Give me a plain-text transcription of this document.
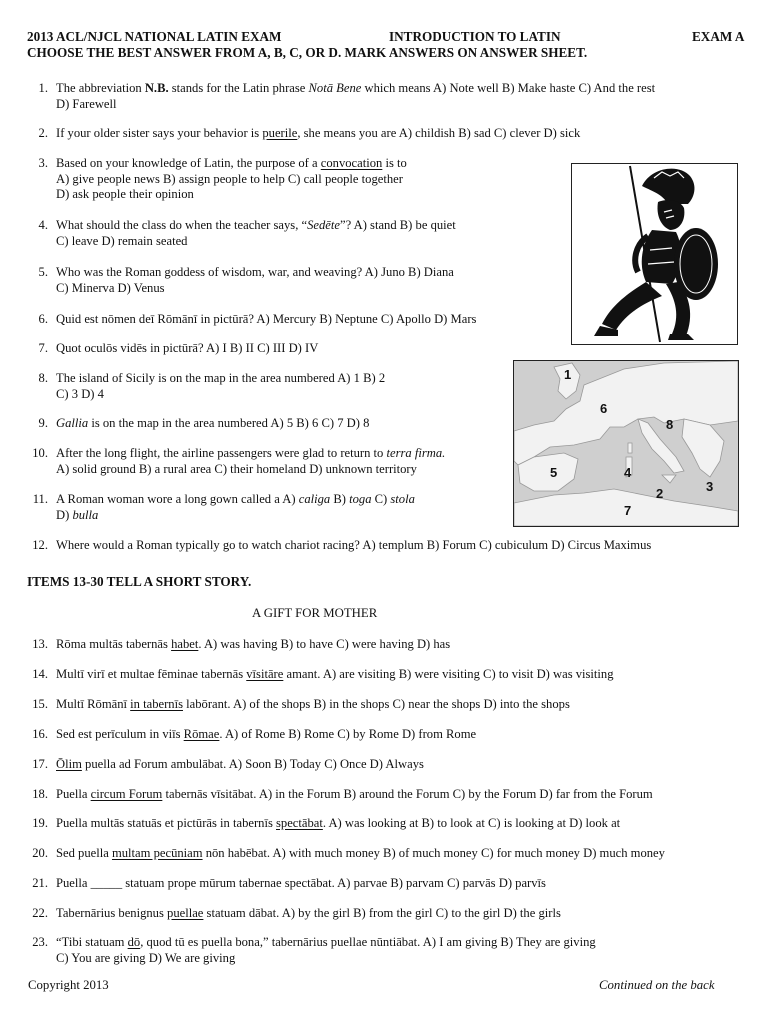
2013 ACL/NJCL NATIONAL LATIN EXAM	INTRODUCTION TO LATIN	EXAM A
CHOOSE THE BEST ANSWER FROM A, B, C, OR D. MARK ANSWERS ON ANSWER SHEET.
1. The abbreviation N.B. stands for the Latin phrase Notā Bene which means A) Note well B) Make haste C) And the rest
D) Farewell
2. If your older sister says your behavior is puerile, she means you are A) childish B) sad C) clever D) sick
3. Based on your knowledge of Latin, the purpose of a convocation is to
A) give people news B) assign people to help C) call people together
D) ask people their opinion
4. What should the class do when the teacher says, “Sedēte”? A) stand B) be quiet
C) leave D) remain seated
5. Who was the Roman goddess of wisdom, war, and weaving? A) Juno B) Diana
C) Minerva D) Venus
6. Quid est nōmen deī Rōmānī in pictūrā? A) Mercury B) Neptune C) Apollo D) Mars
7. Quot oculōs vidēs in pictūrā? A) I B) II C) III D) IV
8. The island of Sicily is on the map in the area numbered A) 1 B) 2
C) 3 D) 4
9. Gallia is on the map in the area numbered A) 5 B) 6 C) 7 D) 8
10. After the long flight, the airline passengers were glad to return to terra firma.
A) solid ground B) a rural area C) their homeland D) unknown territory
11. A Roman woman wore a long gown called a A) caliga B) toga C) stola
D) bulla
12. Where would a Roman typically go to watch chariot racing? A) templum B) Forum C) cubiculum D) Circus Maximus
ITEMS 13-30 TELL A SHORT STORY.
A GIFT FOR MOTHER
13. Rōma multās tabernās habet. A) was having B) to have C) were having D) has
14. Multī virī et multae fēminae tabernās vīsitāre amant. A) are visiting B) were visiting C) to visit D) was visiting
15. Multī Rōmānī in tabernīs labōrant. A) of the shops B) in the shops C) near the shops D) into the shops
16. Sed est perīculum in viīs Rōmae. A) of Rome B) Rome C) by Rome D) from Rome
17. Ōlim puella ad Forum ambulābat. A) Soon B) Today C) Once D) Always
18. Puella circum Forum tabernās vīsitābat. A) in the Forum B) around the Forum C) by the Forum D) far from the Forum
19. Puella multās statuās et pictūrās in tabernīs spectābat. A) was looking at B) to look at C) is looking at D) look at
20. Sed puella multam pecūniam nōn habēbat. A) with much money B) of much money C) for much money D) much money
21. Puella _____ statuam prope mūrum tabernae spectābat. A) parvae B) parvam C) parvās D) parvīs
22. Tabernārius benignus puellae statuam dābat. A) by the girl B) from the girl C) to the girl D) the girls
23. “Tibi statuam dō, quod tū es puella bona,” tabernārius puellae nūntiābat. A) I am giving B) They are giving
C) You are giving D) We are giving
1
6
8
5	4
2	3
7
Copyright 2013	Continued on the back
